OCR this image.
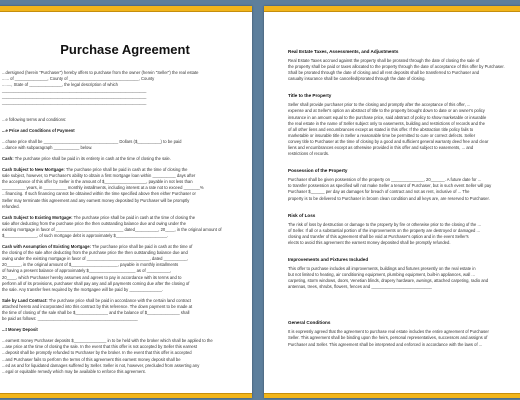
Purchase Agreement
...dersigned (herein "Purchaser") hereby offers to purchase from the owner (herein "Seller") the real estate
...... of ______________, County of ______________________________, County
........, State of ______________, the legal description of which
______________________________________________________________
______________________________________________________________
______________________________________________________________
...e following terms and conditions:
...e Price and Conditions of Payment
...chase price shall be ________________________________ Dollars ($__________) to be paid
...dance with subparagraph ___________ below.
Cash: The purchase price shall be paid in its entirety in cash at the time of closing the sale.
Cash Subject to New Mortgage: The purchase price shall be paid in cash at the time of closing the
sale subject, however, to Purchaser's ability to obtain a first mortgage loan within __________ days after
the acceptance of this offer by Seller in the amount of $__________________, payable in not less than
__________ years, in __________ monthly installments, including interest at a rate not to exceed _______%
...financing. If such financing cannot be obtained within the time specified above then either Purchaser or
Seller may terminate this agreement and any earnest money deposited by Purchaser will be promptly
refunded.
Cash Subject to Existing Mortgage: The purchase price shall be paid in cash at the time of closing the
sale after deducting from the purchase price the then outstanding balance due and owing under the
existing mortgage in favor of _____________________________ dated__________, 20____, in the original amount of
$______________, of such mortgage debt is approximately $______________________.
Cash with Assumption of Existing Mortgage: The purchase price shall be paid in cash at the time of
the closing of the sale after deducting from the purchase price the then outstanding balance due and
owing under the existing mortgage in favor of ___________________________, dated __________,
20______, in the original amount of $____________________, payable in monthly installments
of having a present balance of approximately $____________________ as of __________,
20____, which Purchaser hereby assumes and agrees to pay in accordance with its terms and to
perform all of its provisions, purchaser shall pay any and all payments coming due after the closing of
the sale. Any transfer fees required by the mortgagee will be paid by ______________.
Sale by Land Contract: The purchase price shall be paid in accordance with the certain land contract
attached hereto and incorporated into this contract by this reference. The down payment to be made at
the time of closing of the sale shall be $______________ and the balance of $______________ shall
be paid as follows: ___________________________________________
...t Money Deposit
...earnest money Purchaser deposits $______________ in to be held with the broker which shall be applied to the
...ase price at the time of closing the sale. In the event that this offer is not accepted by Seller this earnest
...deposit shall be promptly refunded to Purchaser by the broker. In the event that this offer is accepted
...and Purchaser fails to perform the terms of this agreement this earnest money deposit shall be
...ed as and for liquidated damages suffered by Seller. Seller is not, however, precluded from asserting any
...egal or equitable remedy which may be available to enforce this agreement.
Real Estate Taxes, Assessments, and Adjustments
Real Estate Taxes accrued against the property shall be prorated through the date of closing the sale of
the property shall be paid or taxes allocated to the property through the date of acceptance of this offer by Purchaser.
Shall be prorated through the date of closing and all rent deposits shall be transferred to Purchaser and
casualty insurance shall be cancelled/prorated through the date of closing.
Title to the Property
Seller shall provide purchaser prior to the closing and promptly after the acceptance of this offer, ...
expense and at Seller's option an abstract of title to the property brought down to date or an owner's policy
insurance in an amount equal to the purchase price, said abstract of policy to show marketable or insurable
the real estate in the name of Seller subject only to easements, building and restrictions of records and the
of all other liens and encumbrances except as stated in this offer. If the abstraction title policy fails to
marketable or insurable title in Seller a reasonable time be permitted to cure or correct defects. Seller
convey title to Purchaser at the time of closing by a good and sufficient general warranty deed free and clear
liens and encumbrances except as otherwise provided in this offer and subject to easements, ... and
restrictions of records.
Possession of the Property
Purchaser shall be given possession of the property on ______________, 20______. A future date for ...
to transfer possession as specified will not make Seller a tenant of Purchaser, but in such event Seller will pay
Purchaser $______ per day as damages for breach of contract and not as rent, inclusive of ... The
property is to be delivered to Purchaser in broom clean condition and all keys are, are reserved to Purchaser.
Risk of Loss
The risk of loss by destruction or damage to the property by fire or otherwise prior to the closing of the ...
of Seller. If all or a substantial portion of the improvements on the property are destroyed or damaged ...
closing and transfer of this agreement shall be void at Purchaser's option and in the event Seller's
elects to avoid this agreement the earnest money deposited shall be promptly refunded.
Improvements and Fixtures Included
This offer to purchase includes all improvements, buildings and fixtures presently on the real estate in
but not limited to heating, air conditioning equipment, plumbing equipment, built-in appliances, wall ...
carpeting, storm windows, doors, Venetian blinds, drapery hardware, awnings, attached carpeting, radio and
antennas, trees, shrubs, flowers, fences and __________________________
General Conditions
It is expressly agreed that the agreement to purchase real estate includes the entire agreement of Purchaser
Seller. This agreement shall be binding upon the heirs, personal representatives, successors and assigns of
Purchaser and Seller. This agreement shall be interpreted and enforced in accordance with the laws of ...
